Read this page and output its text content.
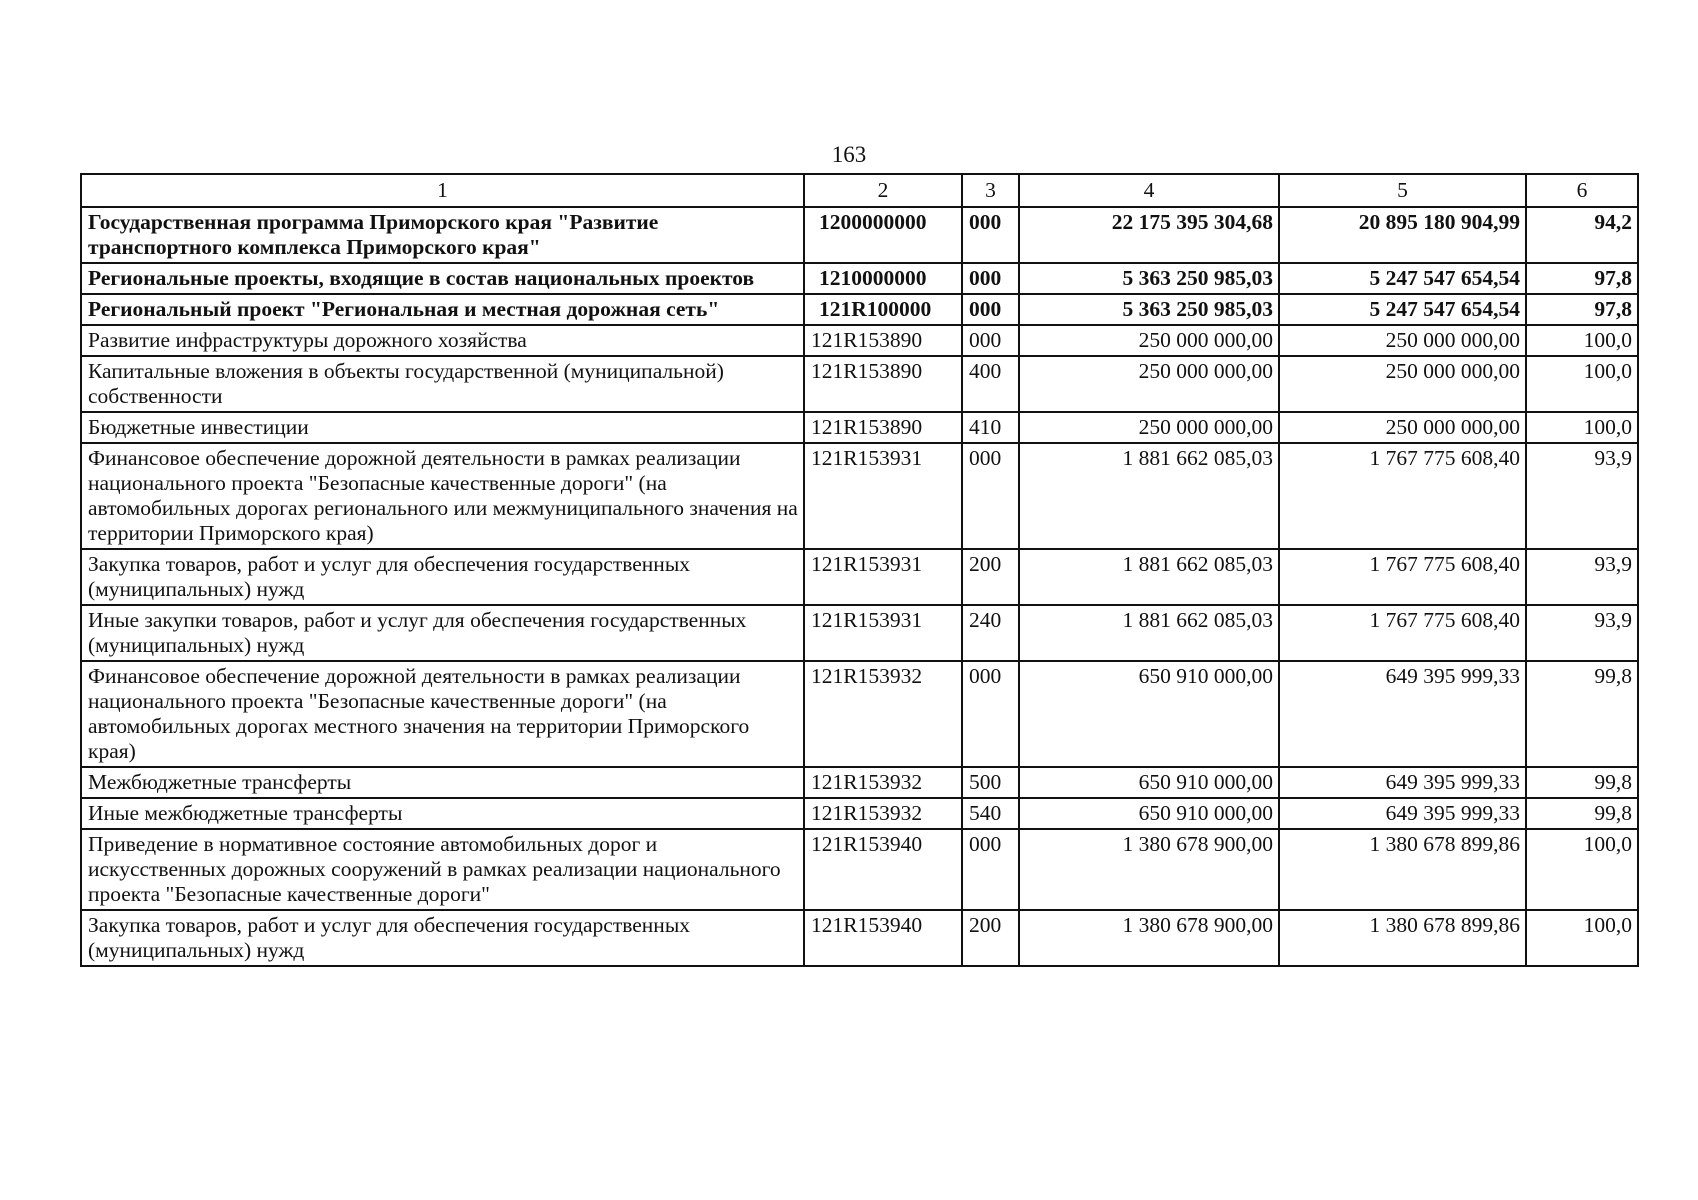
163
1	2	3	4	5	6
Государственная программа Приморского края "Развитие транспортного комплекса Приморского края"	1200000000	000	22 175 395 304,68	20 895 180 904,99	94,2
Региональные проекты, входящие в состав национальных проектов	1210000000	000	5 363 250 985,03	5 247 547 654,54	97,8
Региональный проект "Региональная и местная дорожная сеть"	121R100000	000	5 363 250 985,03	5 247 547 654,54	97,8
Развитие инфраструктуры дорожного хозяйства	121R153890	000	250 000 000,00	250 000 000,00	100,0
Капитальные вложения в объекты государственной (муниципальной) собственности	121R153890	400	250 000 000,00	250 000 000,00	100,0
Бюджетные инвестиции	121R153890	410	250 000 000,00	250 000 000,00	100,0
Финансовое обеспечение дорожной деятельности в рамках реализации национального проекта "Безопасные качественные дороги" (на автомобильных дорогах регионального или межмуниципального значения на территории Приморского края)	121R153931	000	1 881 662 085,03	1 767 775 608,40	93,9
Закупка товаров, работ и услуг для обеспечения государственных (муниципальных) нужд	121R153931	200	1 881 662 085,03	1 767 775 608,40	93,9
Иные закупки товаров, работ и услуг для обеспечения государственных (муниципальных) нужд	121R153931	240	1 881 662 085,03	1 767 775 608,40	93,9
Финансовое обеспечение дорожной деятельности в рамках реализации национального проекта "Безопасные качественные дороги" (на автомобильных дорогах местного значения на территории Приморского края)	121R153932	000	650 910 000,00	649 395 999,33	99,8
Межбюджетные трансферты	121R153932	500	650 910 000,00	649 395 999,33	99,8
Иные межбюджетные трансферты	121R153932	540	650 910 000,00	649 395 999,33	99,8
Приведение в нормативное состояние автомобильных дорог и искусственных дорожных сооружений в рамках реализации национального проекта "Безопасные качественные дороги"	121R153940	000	1 380 678 900,00	1 380 678 899,86	100,0
Закупка товаров, работ и услуг для обеспечения государственных (муниципальных) нужд	121R153940	200	1 380 678 900,00	1 380 678 899,86	100,0
